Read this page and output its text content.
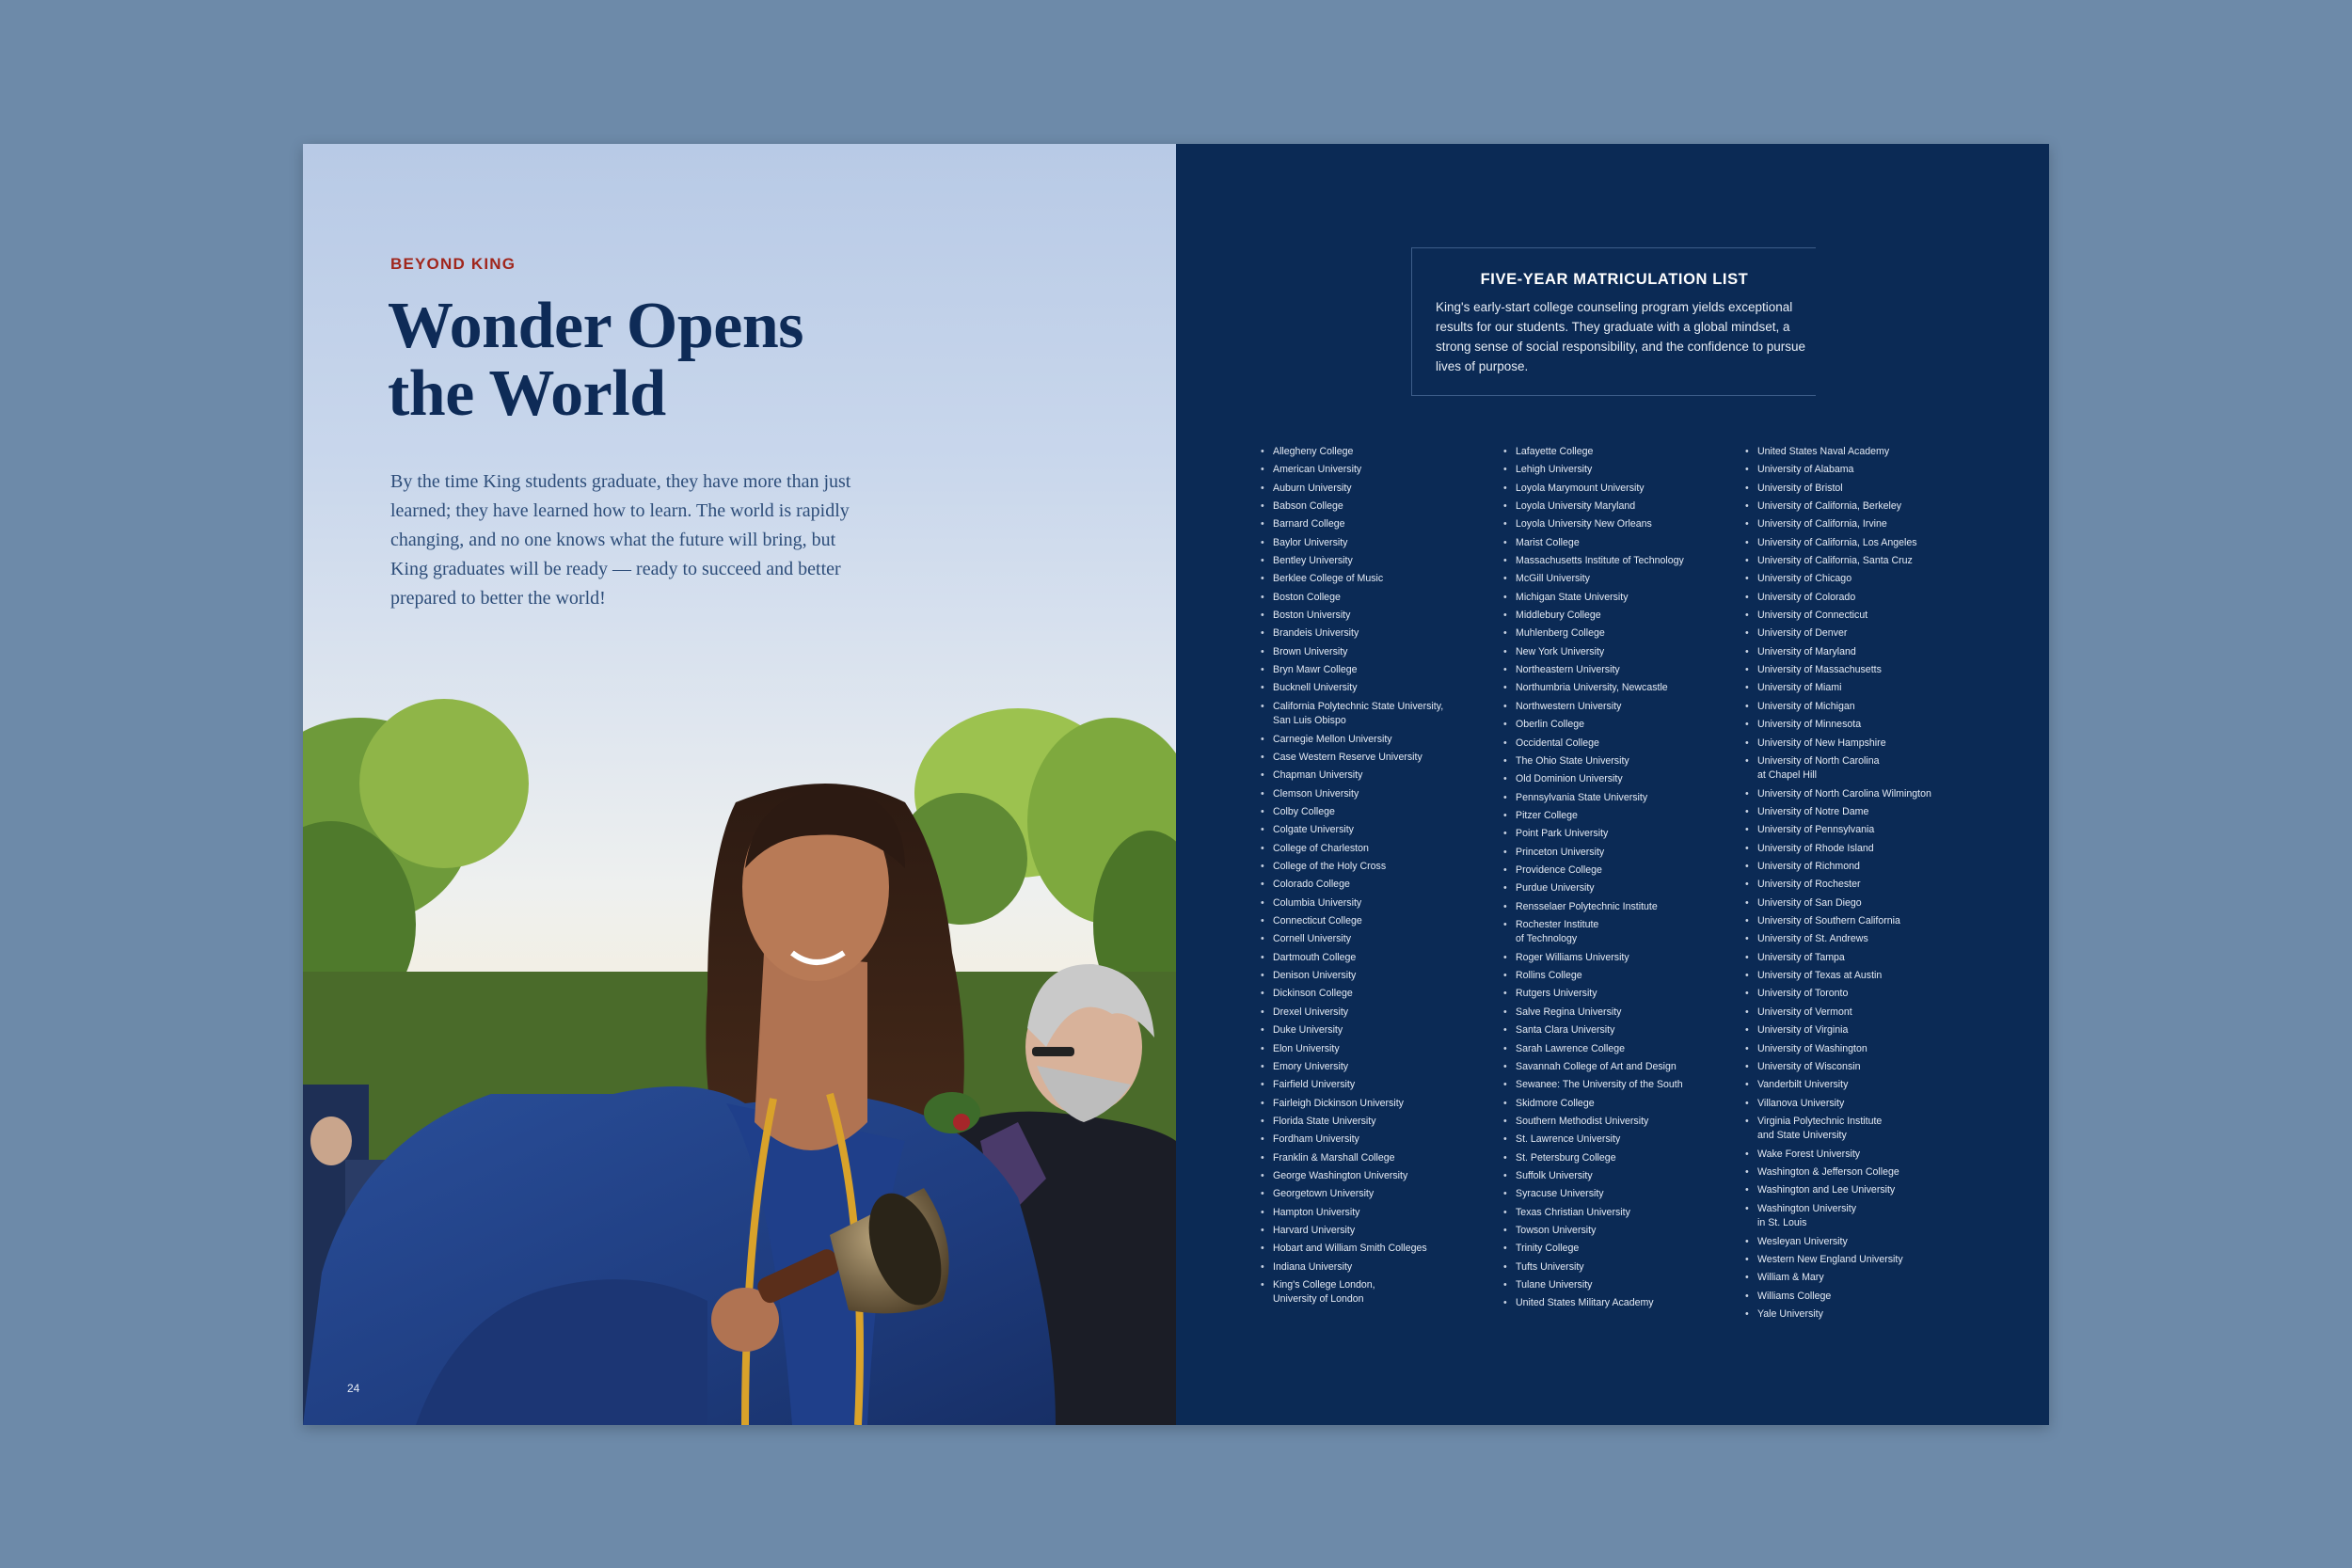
BEYOND KING

Wonder Opens
the World

By the time King students graduate, they have more than just learned; they have learned how to learn. The world is rapidly changing, and no one knows what the future will bring, but King graduates will be ready — ready to succeed and better prepared to better the world!

24

FIVE-YEAR MATRICULATION LIST

King's early-start college counseling program yields exceptional results for our students. They graduate with a global mindset, a strong sense of social responsibility, and the confidence to pursue lives of purpose.

• Allegheny College
• American University
• Auburn University
• Babson College
• Barnard College
• Baylor University
• Bentley University
• Berklee College of Music
• Boston College
• Boston University
• Brandeis University
• Brown University
• Bryn Mawr College
• Bucknell University
• California Polytechnic State University,
San Luis Obispo
• Carnegie Mellon University
• Case Western Reserve University
• Chapman University
• Clemson University
• Colby College
• Colgate University
• College of Charleston
• College of the Holy Cross
• Colorado College
• Columbia University
• Connecticut College
• Cornell University
• Dartmouth College
• Denison University
• Dickinson College
• Drexel University
• Duke University
• Elon University
• Emory University
• Fairfield University
• Fairleigh Dickinson University
• Florida State University
• Fordham University
• Franklin & Marshall College
• George Washington University
• Georgetown University
• Hampton University
• Harvard University
• Hobart and William Smith Colleges
• Indiana University
• King's College London,
University of London
• Lafayette College
• Lehigh University
• Loyola Marymount University
• Loyola University Maryland
• Loyola University New Orleans
• Marist College
• Massachusetts Institute of Technology
• McGill University
• Michigan State University
• Middlebury College
• Muhlenberg College
• New York University
• Northeastern University
• Northumbria University, Newcastle
• Northwestern University
• Oberlin College
• Occidental College
• The Ohio State University
• Old Dominion University
• Pennsylvania State University
• Pitzer College
• Point Park University
• Princeton University
• Providence College
• Purdue University
• Rensselaer Polytechnic Institute
• Rochester Institute
of Technology
• Roger Williams University
• Rollins College
• Rutgers University
• Salve Regina University
• Santa Clara University
• Sarah Lawrence College
• Savannah College of Art and Design
• Sewanee: The University of the South
• Skidmore College
• Southern Methodist University
• St. Lawrence University
• St. Petersburg College
• Suffolk University
• Syracuse University
• Texas Christian University
• Towson University
• Trinity College
• Tufts University
• Tulane University
• United States Military Academy
• United States Naval Academy
• University of Alabama
• University of Bristol
• University of California, Berkeley
• University of California, Irvine
• University of California, Los Angeles
• University of California, Santa Cruz
• University of Chicago
• University of Colorado
• University of Connecticut
• University of Denver
• University of Maryland
• University of Massachusetts
• University of Miami
• University of Michigan
• University of Minnesota
• University of New Hampshire
• University of North Carolina
at Chapel Hill
• University of North Carolina Wilmington
• University of Notre Dame
• University of Pennsylvania
• University of Rhode Island
• University of Richmond
• University of Rochester
• University of San Diego
• University of Southern California
• University of St. Andrews
• University of Tampa
• University of Texas at Austin
• University of Toronto
• University of Vermont
• University of Virginia
• University of Washington
• University of Wisconsin
• Vanderbilt University
• Villanova University
• Virginia Polytechnic Institute
and State University
• Wake Forest University
• Washington & Jefferson College
• Washington and Lee University
• Washington University
in St. Louis
• Wesleyan University
• Western New England University
• William & Mary
• Williams College
• Yale University
